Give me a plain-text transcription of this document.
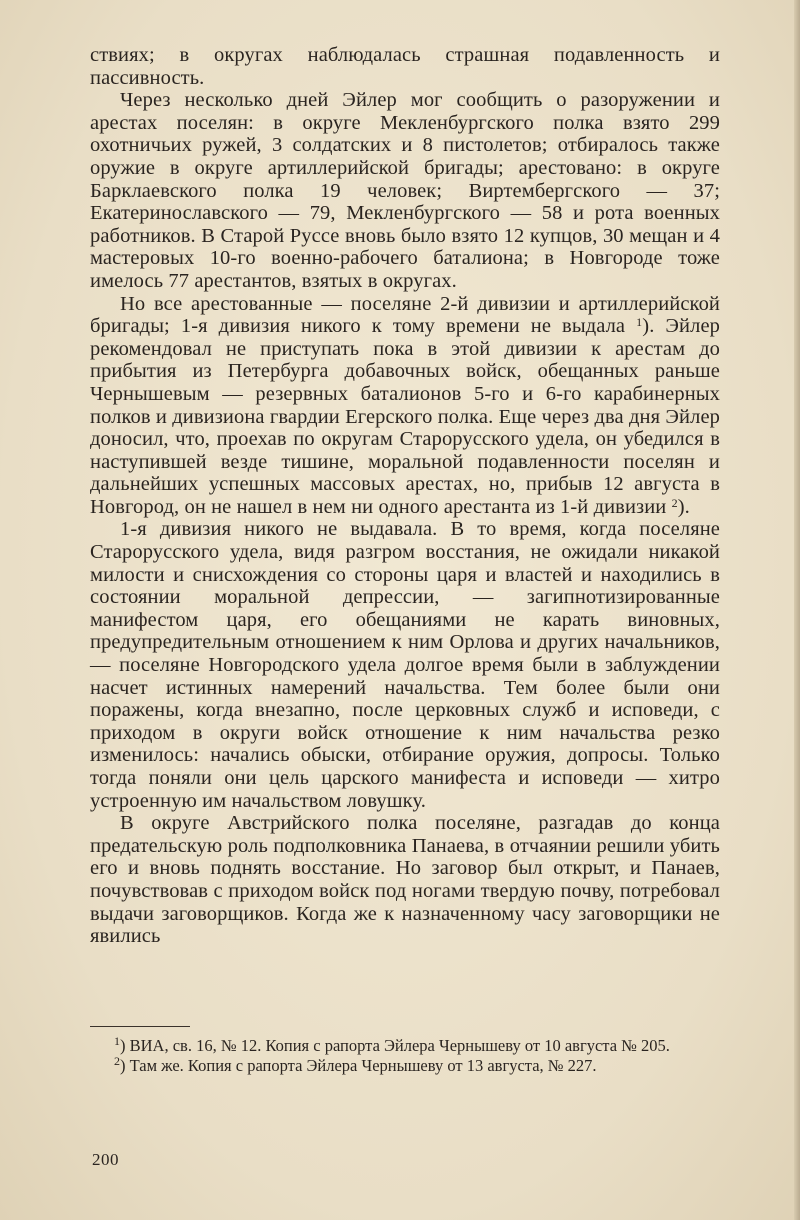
ствиях; в округах наблюдалась страшная подавленность и пассивность.

Через несколько дней Эйлер мог сообщить о разоружении и арестах поселян: в округе Мекленбургского полка взято 299 охотничьих ружей, 3 солдатских и 8 пистолетов; отбиралось также оружие в округе артиллерийской бригады; арестовано: в округе Барклаевского полка 19 человек; Виртембергского — 37; Екатеринославского — 79, Мекленбургского — 58 и рота военных работников. В Старой Руссе вновь было взято 12 купцов, 30 мещан и 4 мастеровых 10-го военно-рабочего баталиона; в Новгороде тоже имелось 77 арестантов, взятых в округах.

Но все арестованные — поселяне 2-й дивизии и артиллерийской бригады; 1-я дивизия никого к тому времени не выдала $^1$). Эйлер рекомендовал не приступать пока в этой дивизии к арестам до прибытия из Петербурга добавочных войск, обещанных раньше Чернышевым — резервных баталионов 5-го и 6-го карабинерных полков и дивизиона гвардии Егерского полка. Еще через два дня Эйлер доносил, что, проехав по округам Старорусского удела, он убедился в наступившей везде тишине, моральной подавленности поселян и дальнейших успешных массовых арестах, но, прибыв 12 августа в Новгород, он не нашел в нем ни одного арестанта из 1-й дивизии $^2$).

1-я дивизия никого не выдавала. В то время, когда поселяне Старорусского удела, видя разгром восстания, не ожидали никакой милости и снисхождения со стороны царя и властей и находились в состоянии моральной депрессии, — загипнотизированные манифестом царя, его обещаниями не карать виновных, предупредительным отношением к ним Орлова и других начальников, — поселяне Новгородского удела долгое время были в заблуждении насчет истинных намерений начальства. Тем более были они поражены, когда внезапно, после церковных служб и исповеди, с приходом в округи войск отношение к ним начальства резко изменилось: начались обыски, отбирание оружия, допросы. Только тогда поняли они цель царского манифеста и исповеди — хитро устроенную им начальством ловушку.

В округе Австрийского полка поселяне, разгадав до конца предательскую роль подполковника Панаева, в отчаянии решили убить его и вновь поднять восстание. Но заговор был открыт, и Панаев, почувствовав с приходом войск под ногами твердую почву, потребовал выдачи заговорщиков. Когда же к назначенному часу заговорщики не явились

$^1$) ВИА, св. 16, № 12. Копия с рапорта Эйлера Чернышеву от 10 августа № 205.

$^2$) Там же. Копия с рапорта Эйлера Чернышеву от 13 августа, № 227.

200
